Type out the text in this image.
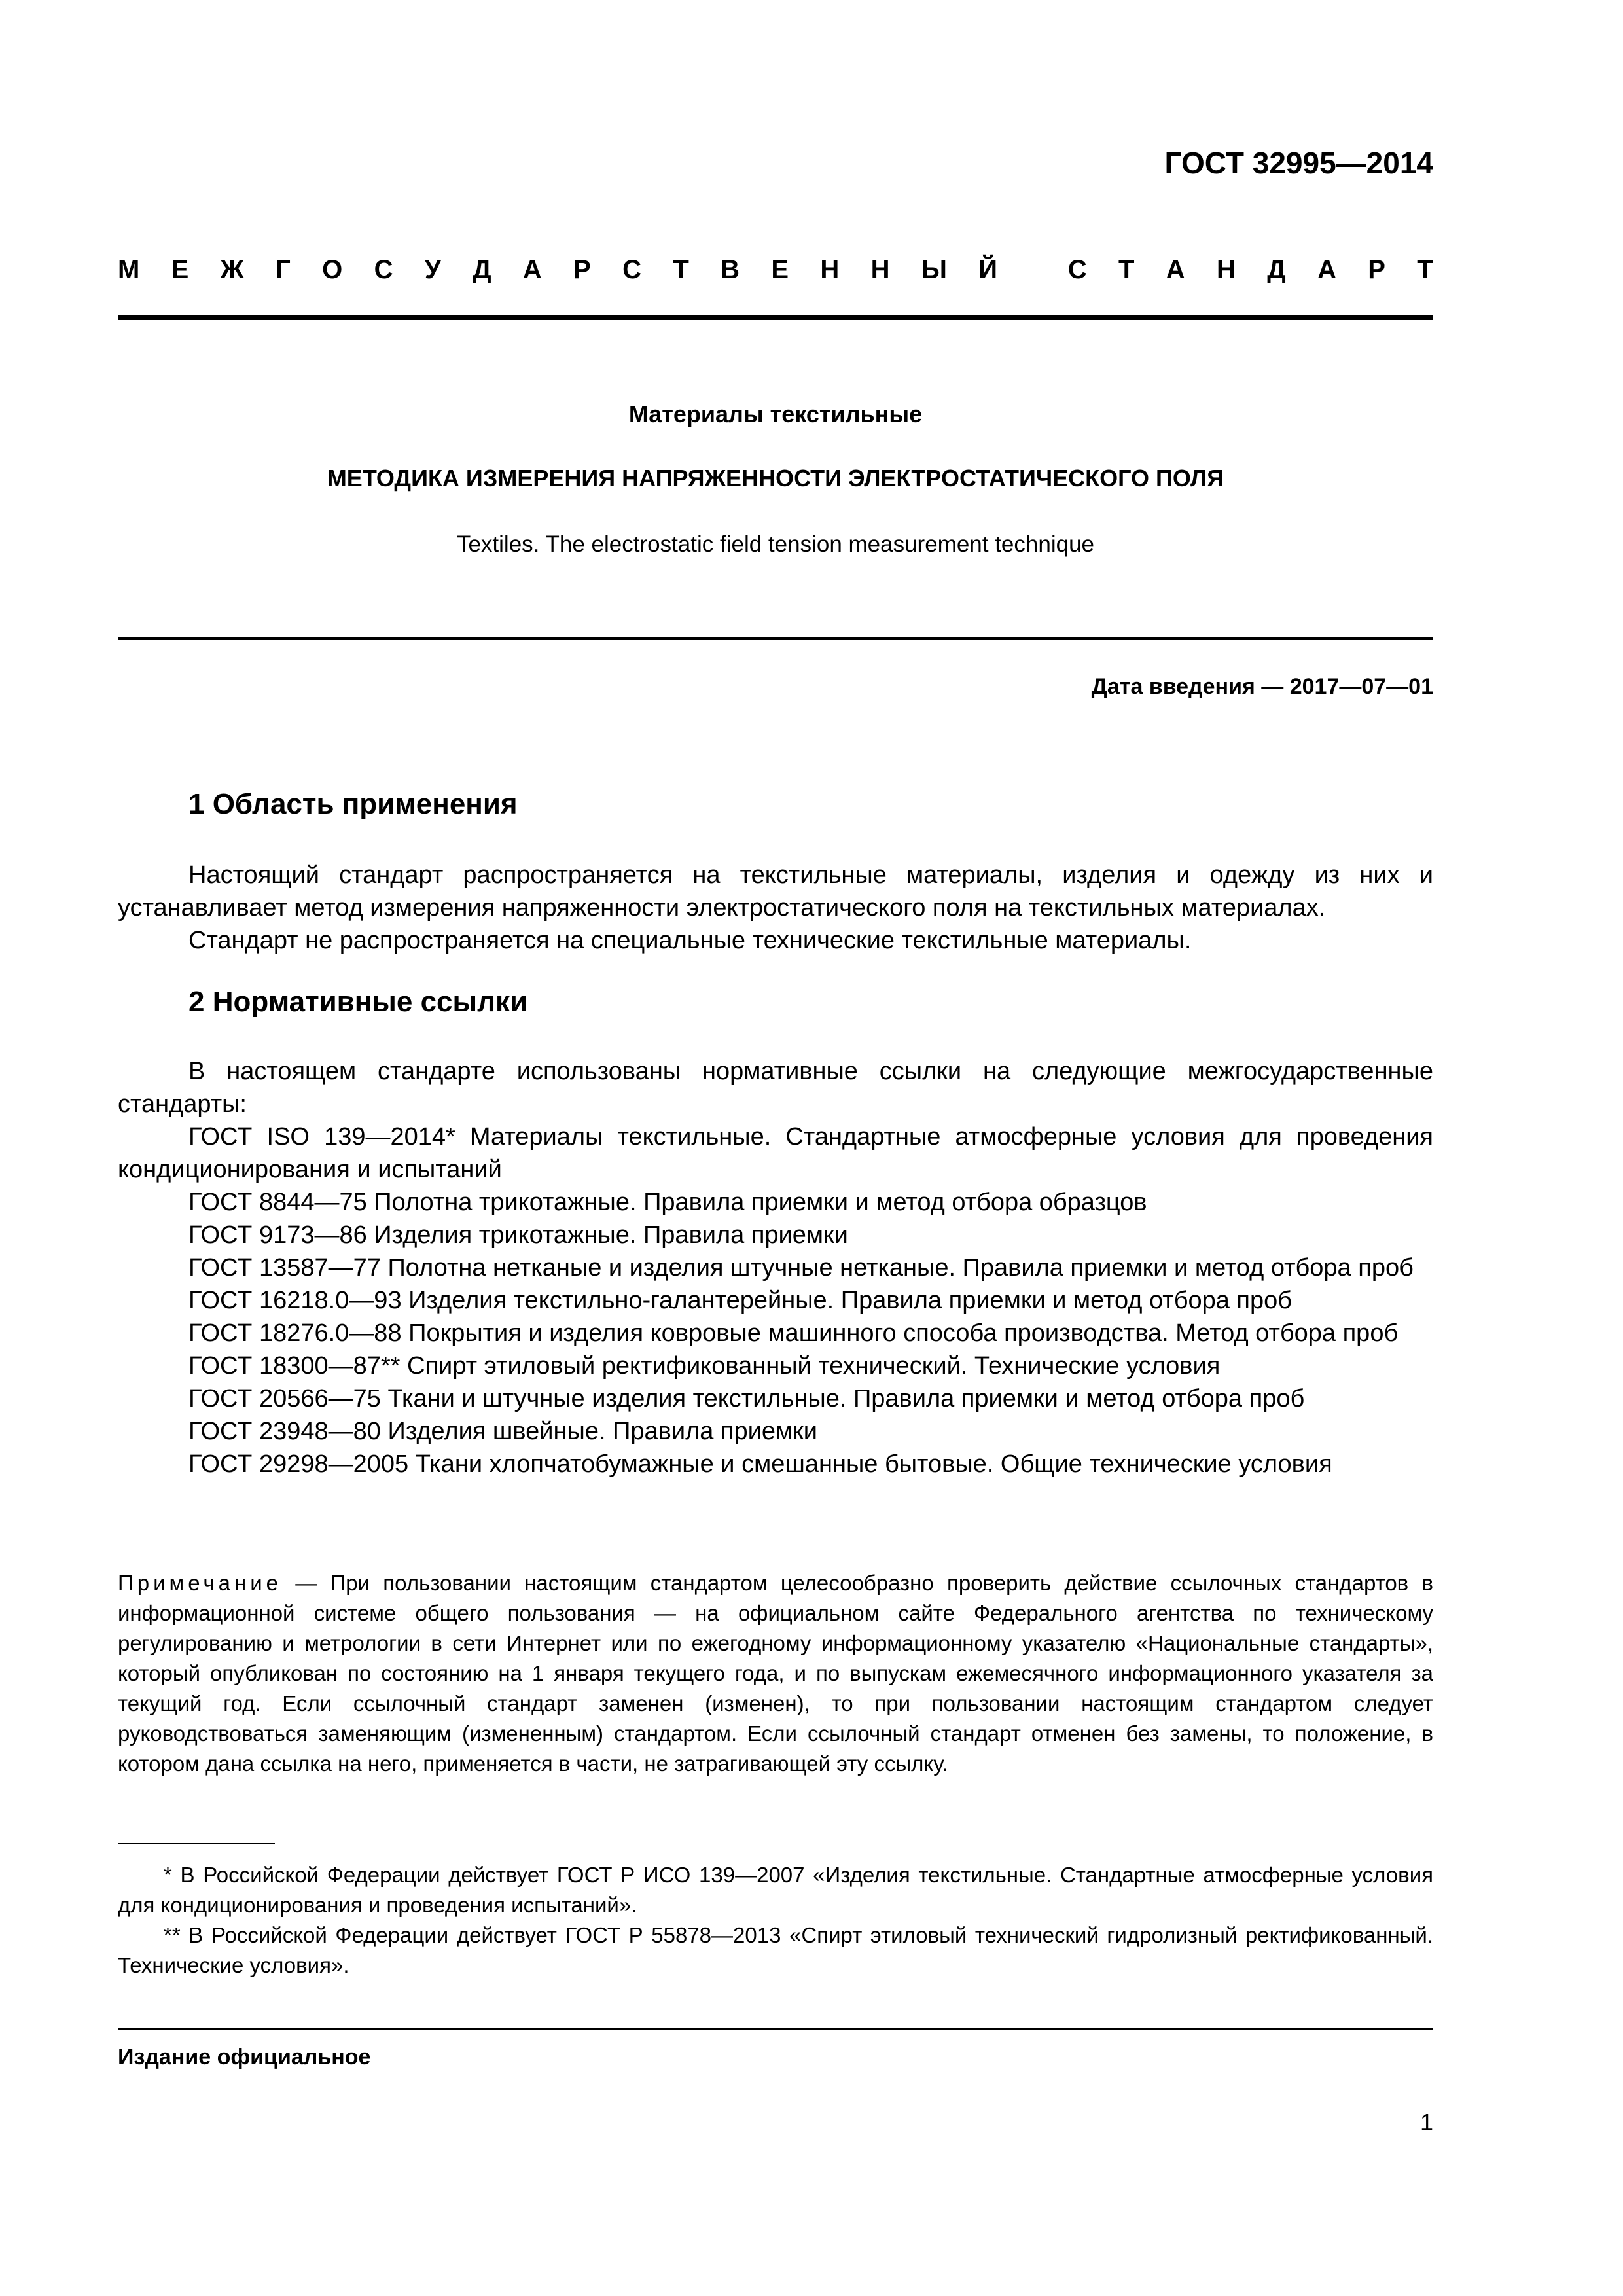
ГОСТ 32995—2014
М Е Ж Г О С У Д А Р С Т В Е Н Н Ы Й
	С Т А Н Д А Р Т
Материалы текстильные
МЕТОДИКА ИЗМЕРЕНИЯ НАПРЯЖЕННОСТИ ЭЛЕКТРОСТАТИЧЕСКОГО ПОЛЯ
Textiles. The electrostatic field tension measurement technique
Дата введения — 2017—07—01
1 Область применения

Настоящий стандарт распространяется на текстильные материалы, изделия и одежду из них и устанавливает метод измерения напряженности электростатического поля на текстильных материалах.

Стандарт не распространяется на специальные технические текстильные материалы.

2 Нормативные ссылки

В настоящем стандарте использованы нормативные ссылки на следующие межгосударственные стандарты:

ГОСТ ISO 139—2014* Материалы текстильные. Стандартные атмосферные условия для проведения кондиционирования и испытаний

ГОСТ 8844—75 Полотна трикотажные. Правила приемки и метод отбора образцов

ГОСТ 9173—86 Изделия трикотажные. Правила приемки

ГОСТ 13587—77 Полотна нетканые и изделия штучные нетканые. Правила приемки и метод отбора проб

ГОСТ 16218.0—93 Изделия текстильно-галантерейные. Правила приемки и метод отбора проб

ГОСТ 18276.0—88 Покрытия и изделия ковровые машинного способа производства. Метод отбора проб

ГОСТ 18300—87** Спирт этиловый ректификованный технический. Технические условия

ГОСТ 20566—75 Ткани и штучные изделия текстильные. Правила приемки и метод отбора проб

ГОСТ 23948—80 Изделия швейные. Правила приемки

ГОСТ 29298—2005 Ткани хлопчатобумажные и смешанные бытовые. Общие технические условия

Примечание — При пользовании настоящим стандартом целесообразно проверить действие ссылочных стандартов в информационной системе общего пользования — на официальном сайте Федерального агентства по техническому регулированию и метрологии в сети Интернет или по ежегодному информационному указателю «Национальные стандарты», который опубликован по состоянию на 1 января текущего года, и по выпускам ежемесячного информационного указателя за текущий год. Если ссылочный стандарт заменен (изменен), то при пользовании настоящим стандартом следует руководствоваться заменяющим (измененным) стандартом. Если ссылочный стандарт отменен без замены, то положение, в котором дана ссылка на него, применяется в части, не затрагивающей эту ссылку.

* В Российской Федерации действует ГОСТ Р ИСО 139—2007 «Изделия текстильные. Стандартные атмосферные условия для кондиционирования и проведения испытаний».

** В Российской Федерации действует ГОСТ Р 55878—2013 «Спирт этиловый технический гидролизный ректификованный. Технические условия».

Издание официальное
1
